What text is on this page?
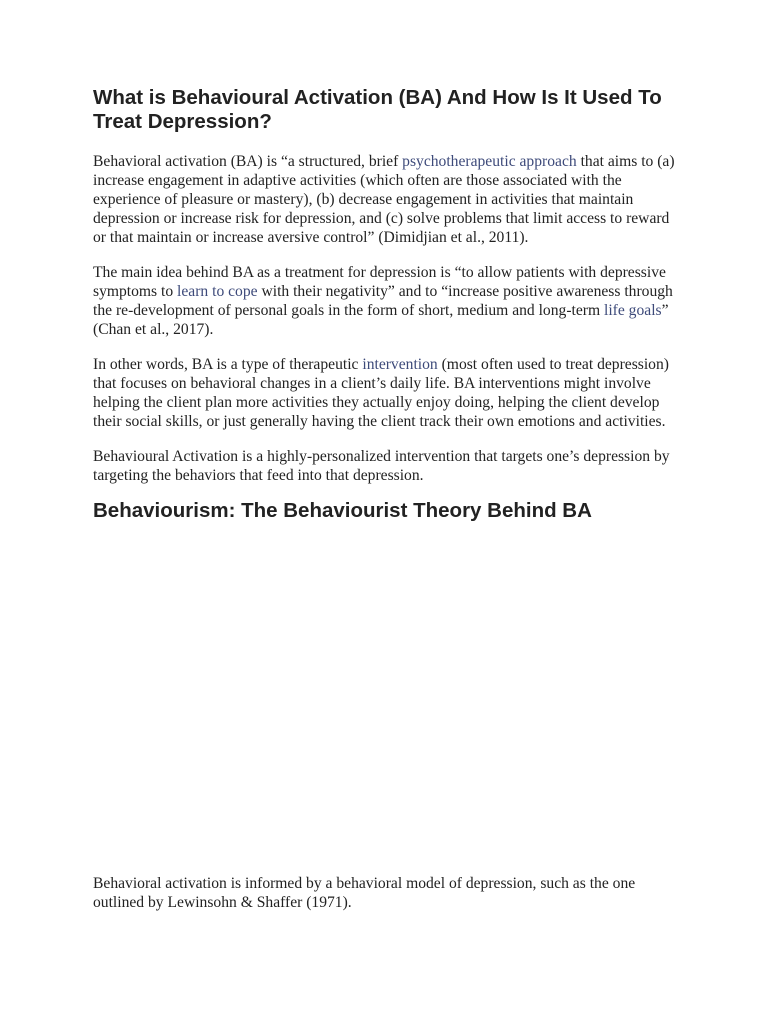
What is Behavioural Activation (BA) And How Is It Used To Treat Depression?

Behavioral activation (BA) is “a structured, brief psychotherapeutic approach that aims to (a) increase engagement in adaptive activities (which often are those associated with the experience of pleasure or mastery), (b) decrease engagement in activities that maintain depression or increase risk for depression, and (c) solve problems that limit access to reward or that maintain or increase aversive control” (Dimidjian et al., 2011).

The main idea behind BA as a treatment for depression is “to allow patients with depressive symptoms to learn to cope with their negativity” and to “increase positive awareness through the re-development of personal goals in the form of short, medium and long-term life goals” (Chan et al., 2017).

In other words, BA is a type of therapeutic intervention (most often used to treat depression) that focuses on behavioral changes in a client’s daily life. BA interventions might involve helping the client plan more activities they actually enjoy doing, helping the client develop their social skills, or just generally having the client track their own emotions and activities.

Behavioural Activation is a highly-personalized intervention that targets one’s depression by targeting the behaviors that feed into that depression.

Behaviourism: The Behaviourist Theory Behind BA

Behavioral activation is informed by a behavioral model of depression, such as the one outlined by Lewinsohn & Shaffer (1971).
